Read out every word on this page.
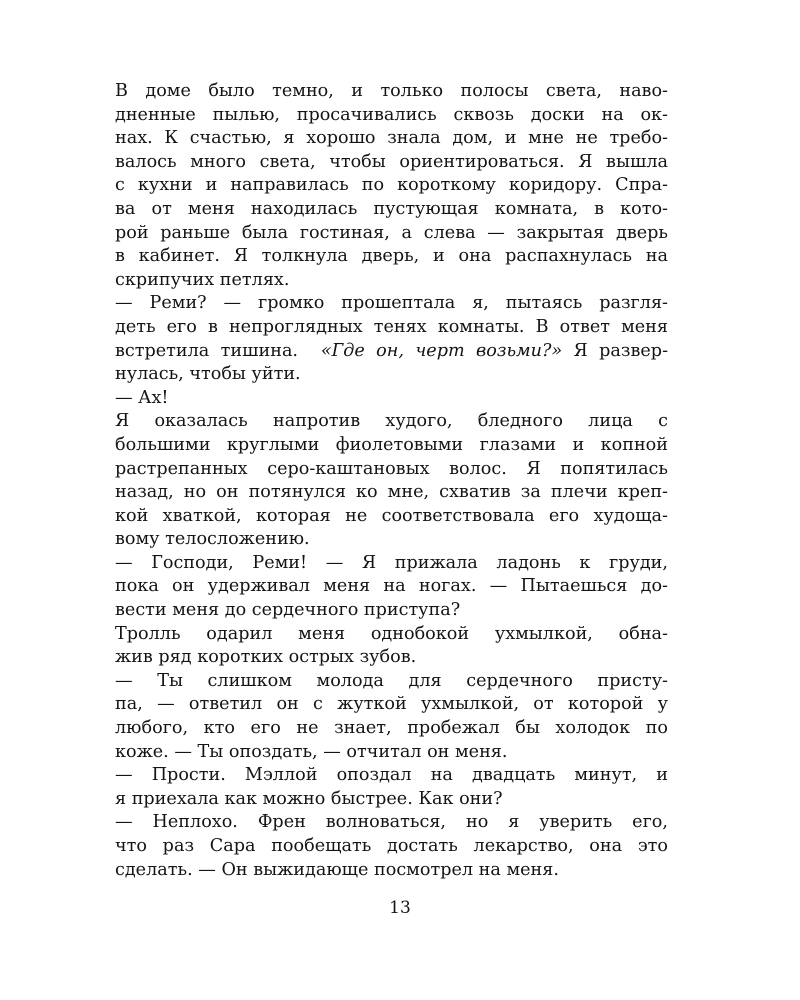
В доме было темно, и только полосы света, наво-
дненные пылью, просачивались сквозь доски на ок-
нах. К счастью, я хорошо знала дом, и мне не требо-
валось много света, чтобы ориентироваться. Я вышла
с кухни и направилась по короткому коридору. Спра-
ва от меня находилась пустующая комната, в кото-
рой раньше была гостиная, а слева — закрытая дверь
в кабинет. Я толкнула дверь, и она распахнулась на
скрипучих петлях.
— Реми? — громко прошептала я, пытаясь разгля-
деть его в непроглядных тенях комнаты. В ответ меня
встретила тишина.  «Где он, черт возьми?» Я развер-
нулась, чтобы уйти.
— Ах!
Я оказалась напротив худого, бледного лица с
большими круглыми фиолетовыми глазами и копной
растрепанных серо-каштановых волос. Я попятилась
назад, но он потянулся ко мне, схватив за плечи креп-
кой хваткой, которая не соответствовала его худоща-
вому телосложению.
— Господи, Реми! — Я прижала ладонь к груди,
пока он удерживал меня на ногах. — Пытаешься до-
вести меня до сердечного приступа?
Тролль одарил меня однобокой ухмылкой, обна-
жив ряд коротких острых зубов.
— Ты слишком молода для сердечного присту-
па, — ответил он с жуткой ухмылкой, от которой у
любого, кто его не знает, пробежал бы холодок по
коже. — Ты опоздать, — отчитал он меня.
— Прости. Мэллой опоздал на двадцать минут, и
я приехала как можно быстрее. Как они?
— Неплохо. Френ волноваться, но я уверить его,
что раз Сара пообещать достать лекарство, она это
сделать. — Он выжидающе посмотрел на меня.
13
